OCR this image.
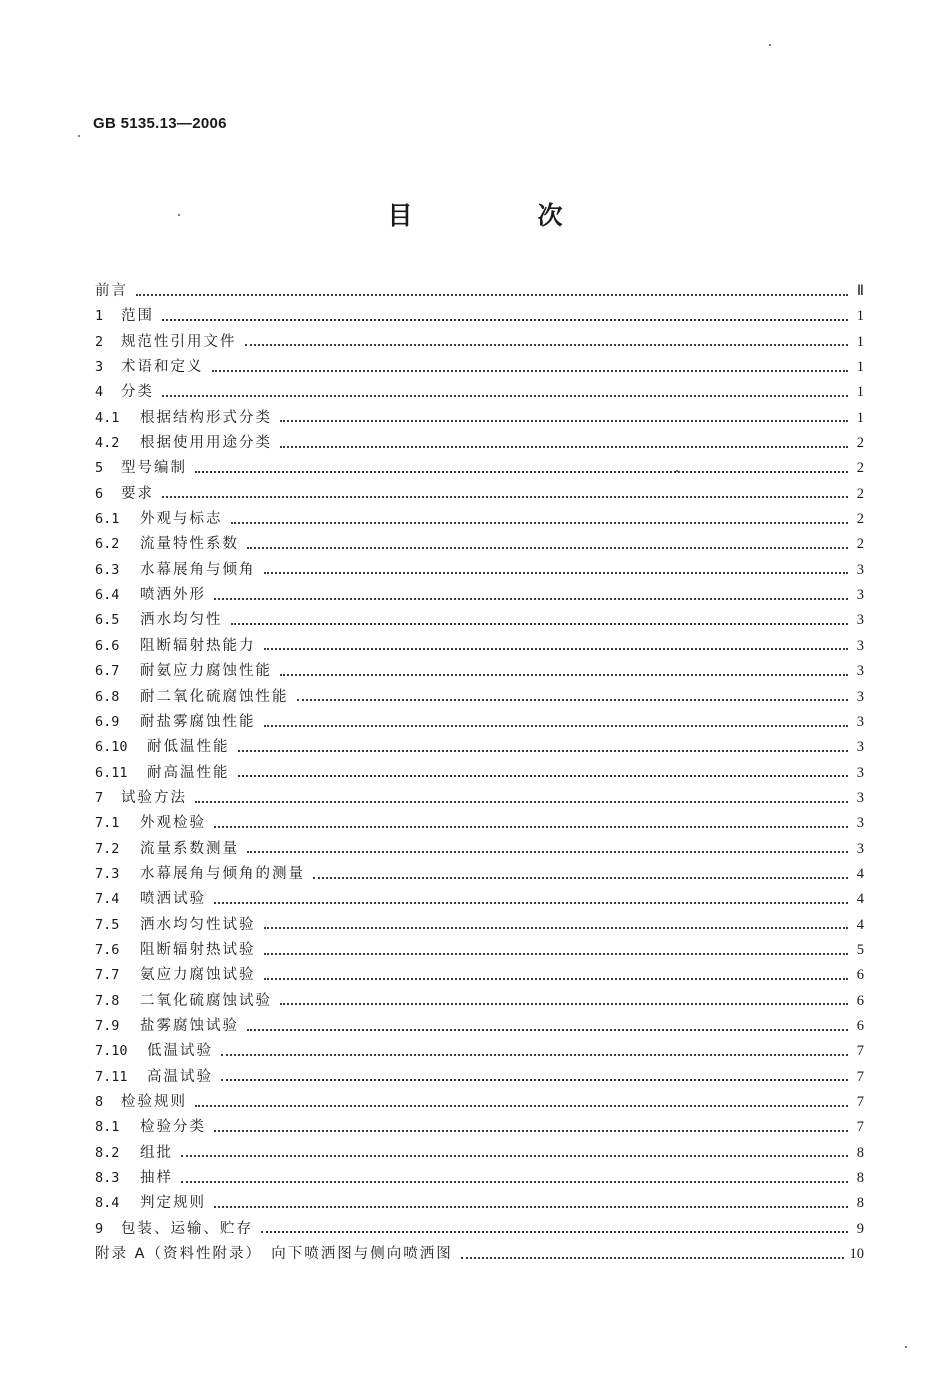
GB 5135.13—2006
目　次
前言	Ⅱ
1	范围	1
2	规范性引用文件	1
3	术语和定义	1
4	分类	1
4.1	根据结构形式分类	1
4.2	根据使用用途分类	2
5	型号编制	2
6	要求	2
6.1	外观与标志	2
6.2	流量特性系数	2
6.3	水幕展角与倾角	3
6.4	喷洒外形	3
6.5	洒水均匀性	3
6.6	阻断辐射热能力	3
6.7	耐氨应力腐蚀性能	3
6.8	耐二氧化硫腐蚀性能	3
6.9	耐盐雾腐蚀性能	3
6.10	耐低温性能	3
6.11	耐高温性能	3
7	试验方法	3
7.1	外观检验	3
7.2	流量系数测量	3
7.3	水幕展角与倾角的测量	4
7.4	喷洒试验	4
7.5	洒水均匀性试验	4
7.6	阻断辐射热试验	5
7.7	氨应力腐蚀试验	6
7.8	二氧化硫腐蚀试验	6
7.9	盐雾腐蚀试验	6
7.10	低温试验	7
7.11	高温试验	7
8	检验规则	7
8.1	检验分类	7
8.2	组批	8
8.3	抽样	8
8.4	判定规则	8
9	包装、运输、贮存	9
附录 A（资料性附录）　向下喷洒图与侧向喷洒图	10
